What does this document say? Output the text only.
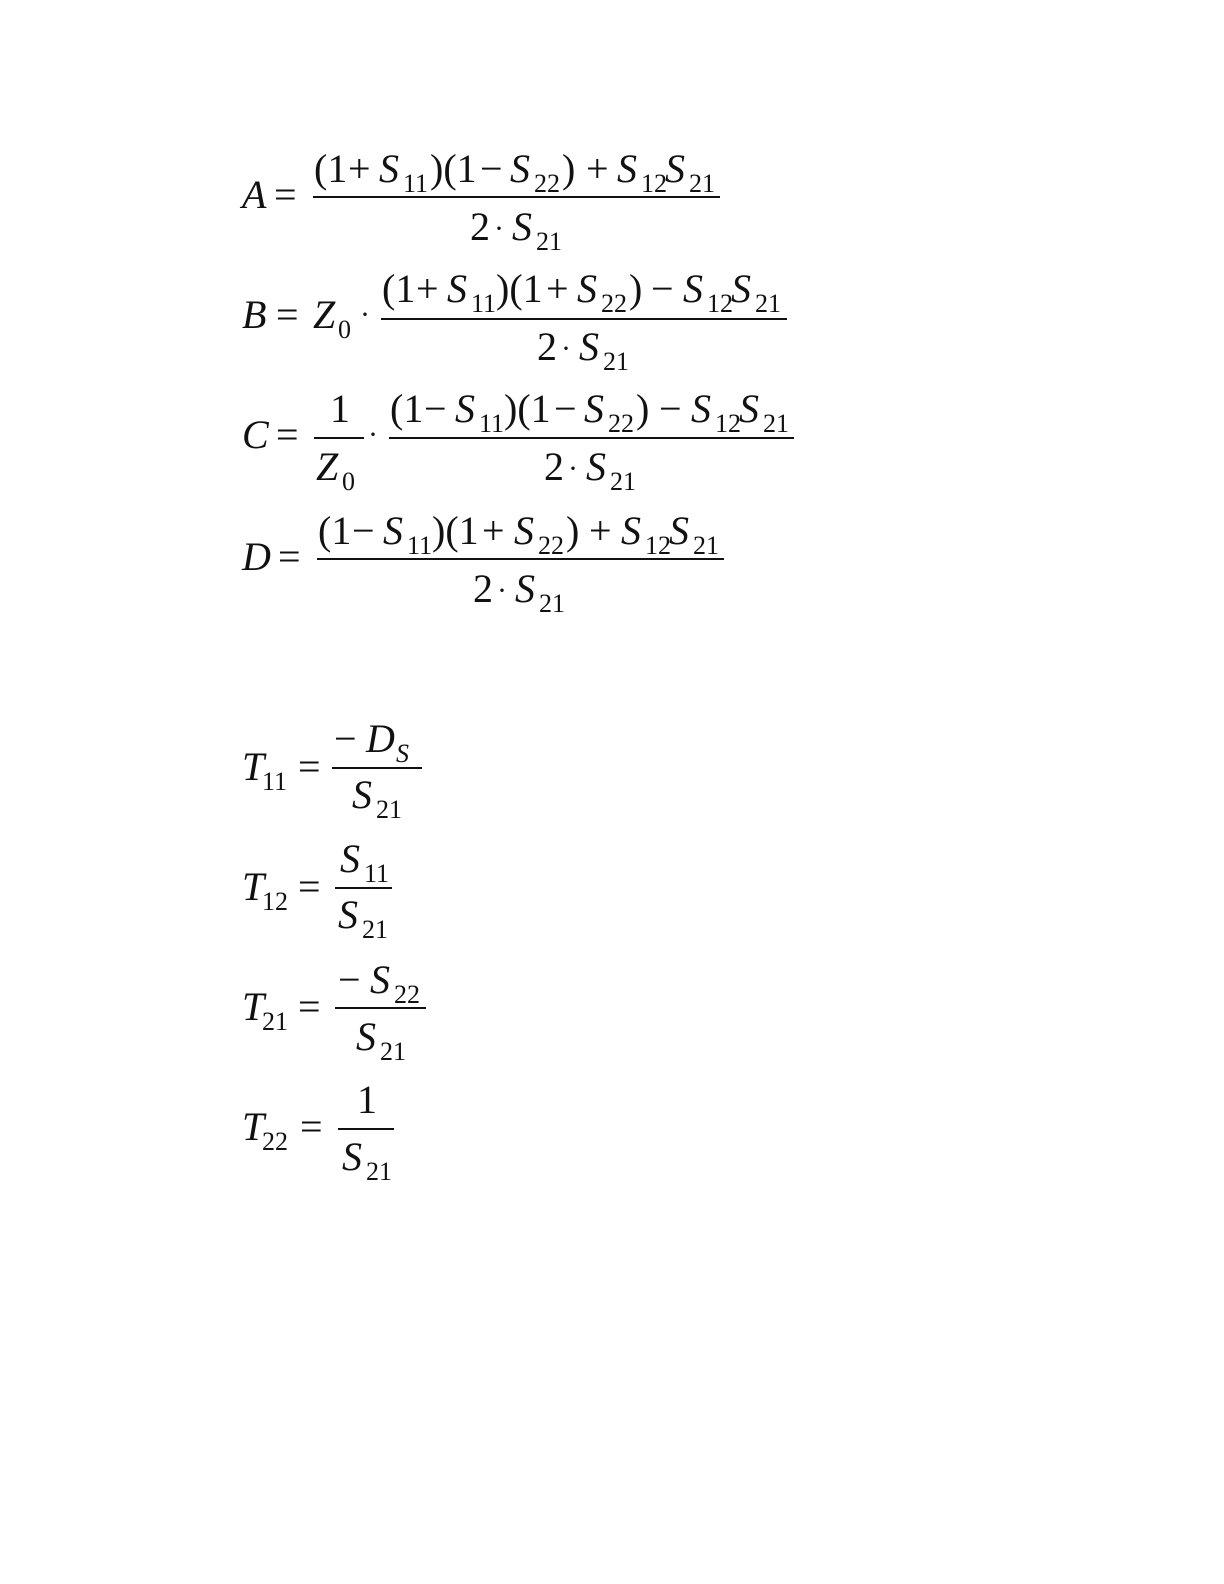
A =
(1 + S 11 )(1 − S 22 ) + S 12
S 21
2 · S 21
B = Z 0 ·
(1 + S 11 )(1 + S 22 ) − S 12
S 21
2 · S 21
C =
1
Z 0
·
(1 − S 11 )(1 − S 22 ) − S 12
S 21
2 · S 21
D =
(1 − S 11 )(1 + S 22 ) + S 12
S 21
2 · S 21
T
11 =
− D S
S 21
T
12 =
S 11
S 21
T
21 =
− S 22
S 21
T
22 =
1
S 21
